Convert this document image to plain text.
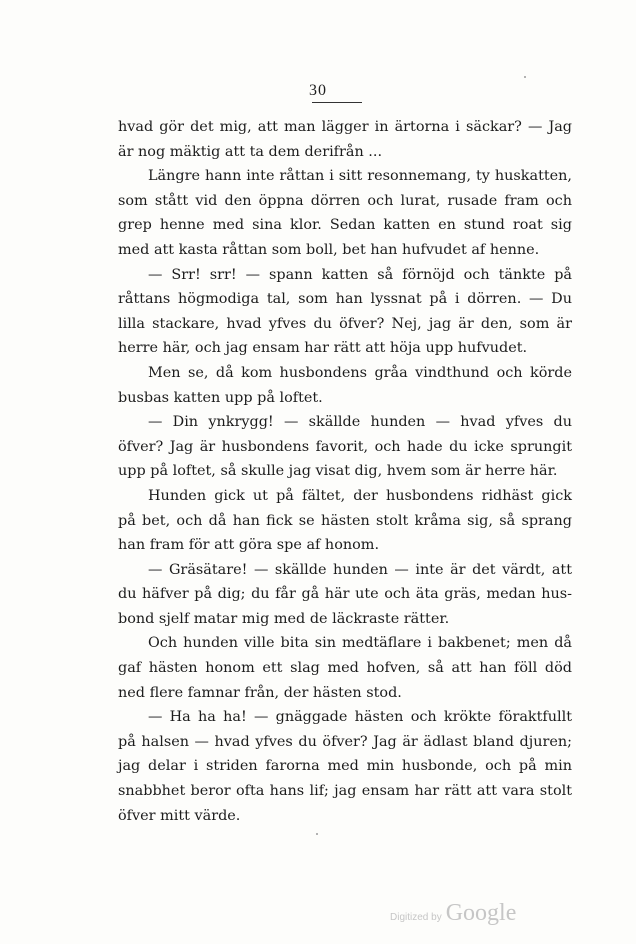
30
hvad gör det mig, att man lägger in ärtorna i säckar? — Jag
är nog mäktig att ta dem derifrån ...
Längre hann inte råttan i sitt resonnemang, ty huskatten,
som stått vid den öppna dörren och lurat, rusade fram och
grep henne med sina klor. Sedan katten en stund roat sig
med att kasta råttan som boll, bet han hufvudet af henne.
— Srr! srr! — spann katten så förnöjd och tänkte på
råttans högmodiga tal, som han lyssnat på i dörren. — Du
lilla stackare, hvad yfves du öfver? Nej, jag är den, som är
herre här, och jag ensam har rätt att höja upp hufvudet.
Men se, då kom husbondens gråa vindthund och körde
busbas katten upp på loftet.
— Din ynkrygg! — skällde hunden — hvad yfves du
öfver? Jag är husbondens favorit, och hade du icke sprungit
upp på loftet, så skulle jag visat dig, hvem som är herre här.
Hunden gick ut på fältet, der husbondens ridhäst gick
på bet, och då han fick se hästen stolt kråma sig, så sprang
han fram för att göra spe af honom.
— Gräsätare! — skällde hunden — inte är det värdt, att
du häfver på dig; du får gå här ute och äta gräs, medan hus-
bond sjelf matar mig med de läckraste rätter.
Och hunden ville bita sin medtäflare i bakbenet; men då
gaf hästen honom ett slag med hofven, så att han föll död
ned flere famnar från, der hästen stod.
— Ha ha ha! — gnäggade hästen och krökte föraktfullt
på halsen — hvad yfves du öfver? Jag är ädlast bland djuren;
jag delar i striden farorna med min husbonde, och på min
snabbhet beror ofta hans lif; jag ensam har rätt att vara stolt
öfver mitt värde.
Digitized by Google
